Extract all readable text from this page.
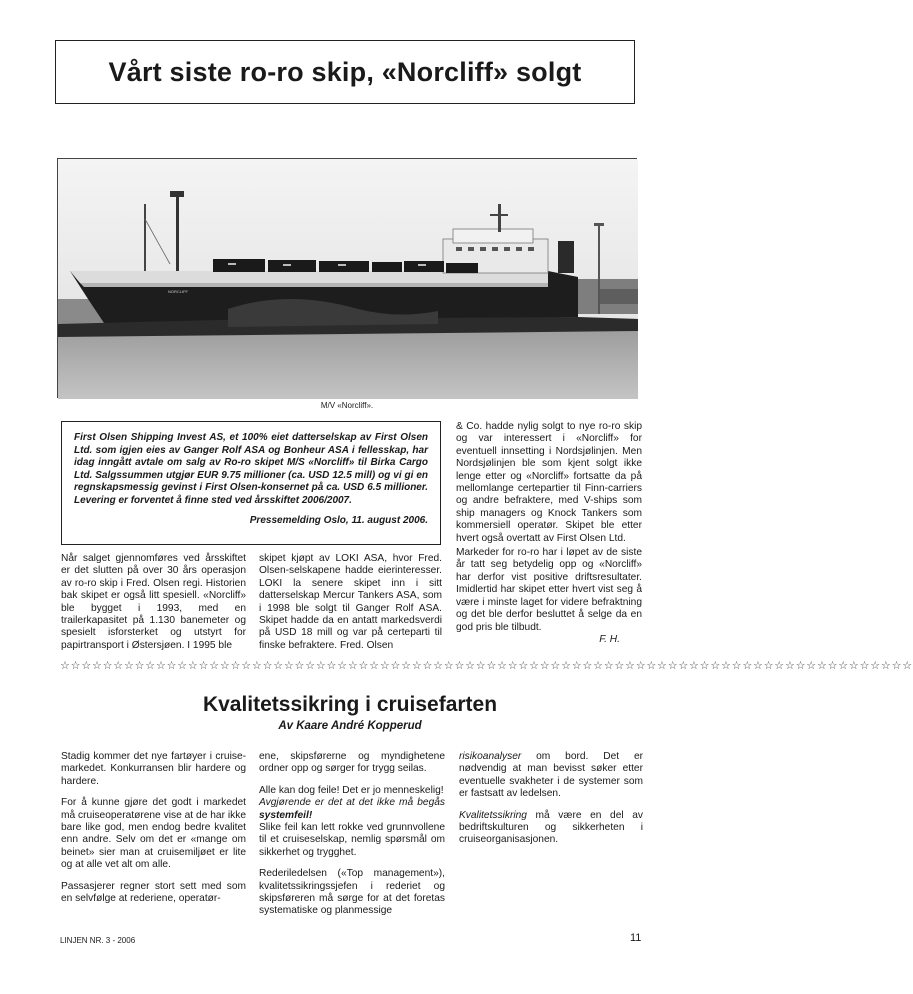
Vårt siste ro-ro skip, «Norcliff» solgt
NORCLIFF
M/V «Norcliff».

First Olsen Shipping Invest AS, et 100% eiet datterselskap av First Olsen Ltd. som igjen eies av Ganger Rolf ASA og Bonheur ASA i fellesskap, har idag inngått avtale om salg av Ro-ro skipet M/S «Norcliff» til Birka Cargo Ltd. Salgssummen utgjør EUR 9.75 millioner (ca. USD 12.5 mill) og vi gi en regnskapsmessig gevinst i First Olsen-konsernet på ca. USD 6.5 millioner. Levering er forventet å finne sted ved årsskiftet 2006/2007.

Pressemelding Oslo, 11. august 2006.

Når salget gjennomføres ved årsskiftet er det slutten på over 30 års operasjon av ro-ro skip i Fred. Olsen regi. Historien bak skipet er også litt spesiell. «Norcliff» ble bygget i 1993, med en trailerkapasitet på 1.130 banemeter og spesielt isforsterket og utstyrt for papirtransport i Østersjøen. I 1995 ble

skipet kjøpt av LOKI ASA, hvor Fred. Olsen-selskapene hadde eierinteresser. LOKI la senere skipet inn i sitt datterselskap Mercur Tankers ASA, som i 1998 ble solgt til Ganger Rolf ASA. Skipet hadde da en antatt markedsverdi på USD 18 mill og var på certeparti til finske befraktere. Fred. Olsen

& Co. hadde nylig solgt to nye ro-ro skip og var interessert i «Norcliff» for eventuell innsetting i Nordsjølinjen. Men Nordsjølinjen ble som kjent solgt ikke lenge etter og «Norcliff» fortsatte da på mellomlange certepartier til Finn-carriers og andre befraktere, med V-ships som ship managers og Knock Tankers som kommersiell operatør. Skipet ble etter hvert også overtatt av First Olsen Ltd.

Markeder for ro-ro har i løpet av de siste år tatt seg betydelig opp og «Norcliff» har derfor vist positive driftsresultater. Imidlertid har skipet etter hvert vist seg å være i minste laget for videre befraktning og det ble derfor besluttet å selge da en god pris ble tilbudt.

F. H.
☆☆☆☆☆☆☆☆☆☆☆☆☆☆☆☆☆☆☆☆☆☆☆☆☆☆☆☆☆☆☆☆☆☆☆☆☆☆☆☆☆☆☆☆☆☆☆☆☆☆☆☆☆☆☆☆☆☆☆☆☆☆☆☆☆☆☆☆☆☆☆☆☆☆☆☆☆☆☆☆
Kvalitetssikring i cruisefarten
Av Kaare André Kopperud

Stadig kommer det nye fartøyer i cruise-markedet. Konkurransen blir hardere og hardere.

For å kunne gjøre det godt i markedet må cruiseoperatørene vise at de har ikke bare like god, men endog bedre kvalitet enn andre. Selv om det er «mange om beinet» sier man at cruisemiljøet er lite og at alle vet alt om alle.

Passasjerer regner stort sett med som en selvfølge at rederiene, operatør-

ene, skipsførerne og myndighetene ordner opp og sørger for trygg seilas.

Alle kan dog feile! Det er jo menneskelig!

Avgjørende er det at det ikke må begås systemfeil!

Slike feil kan lett rokke ved grunnvollene til et cruiseselskap, nemlig spørsmål om sikkerhet og trygghet.

Rederiledelsen («Top management»), kvalitetssikringssjefen i rederiet og skipsføreren må sørge for at det foretas systematiske og planmessige

risikoanalyser om bord. Det er nødvendig at man bevisst søker etter eventuelle svakheter i de systemer som er fastsatt av ledelsen.

Kvalitetssikring må være en del av bedriftskulturen og sikkerheten i cruiseorganisasjonen.

LINJEN NR. 3 - 2006	11
